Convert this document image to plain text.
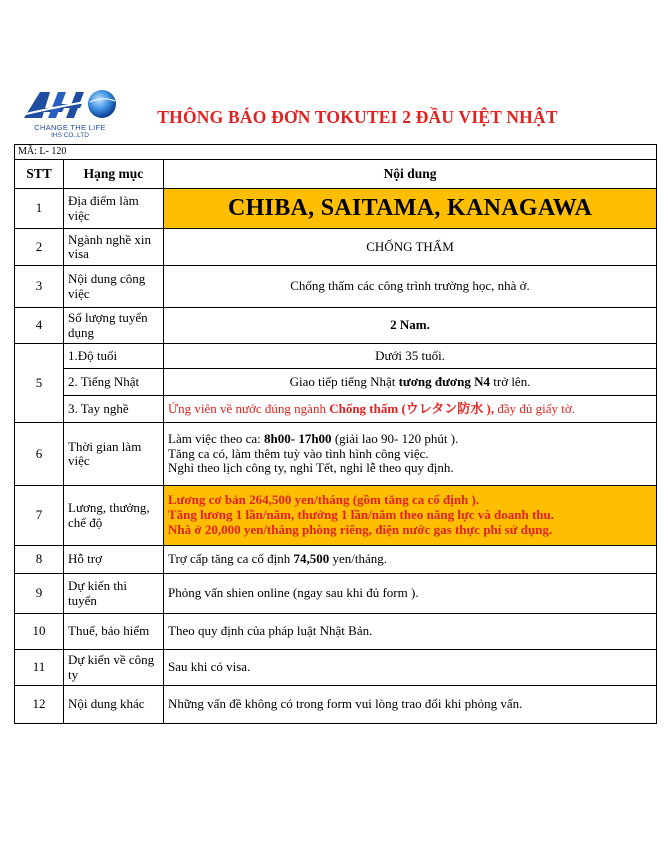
CHANGE THE LIFE
IHS CO.,LTD
THÔNG BÁO ĐƠN TOKUTEI 2 ĐẦU VIỆT NHẬT
MÃ: L- 120		
STT	Hạng mục	Nội dung
1	Địa điểm làm việc	CHIBA, SAITAMA, KANAGAWA
2	Ngành nghề xin visa	CHỐNG THẤM
3	Nội dung công việc	Chống thấm các công trình trường học, nhà ở.
4	Số lượng tuyển dụng	2 Nam.
5	1.Độ tuổi	Dưới 35 tuổi.
	2. Tiếng Nhật	Giao tiếp tiếng Nhật tương đương N4 trở lên.
	3. Tay nghề	Ứng viên về nước đúng ngành Chống thấm (ウレタン防水 ), đầy đủ giấy tờ.
6	Thời gian làm việc	Làm việc theo ca: 8h00- 17h00 (giải lao 90- 120 phút ).
Tăng ca có, làm thêm tuỳ vào tình hình công việc.
Nghỉ theo lịch công ty, nghỉ Tết, nghỉ lễ theo quy định.

7	Lương, thưởng, chế độ	Lương cơ bản 264,500 yen/tháng (gồm tăng ca cố định ).
Tăng lương 1 lần/năm, thưởng 1 lần/năm theo năng lực và doanh thu.
Nhà ở 20,000 yen/tháng phòng riêng, điện nước gas thực phí sử dụng.

8	Hỗ trợ	Trợ cấp tăng ca cố định 74,500 yen/tháng.
9	Dự kiến thi tuyển	Phỏng vấn shien online (ngay sau khi đủ form ).
10	Thuế, bảo hiểm	Theo quy định của pháp luật Nhật Bản.
11	Dự kiến về công ty	Sau khi có visa.
12	Nội dung khác	Những vấn đề không có trong form vui lòng trao đổi khi phỏng vấn.
